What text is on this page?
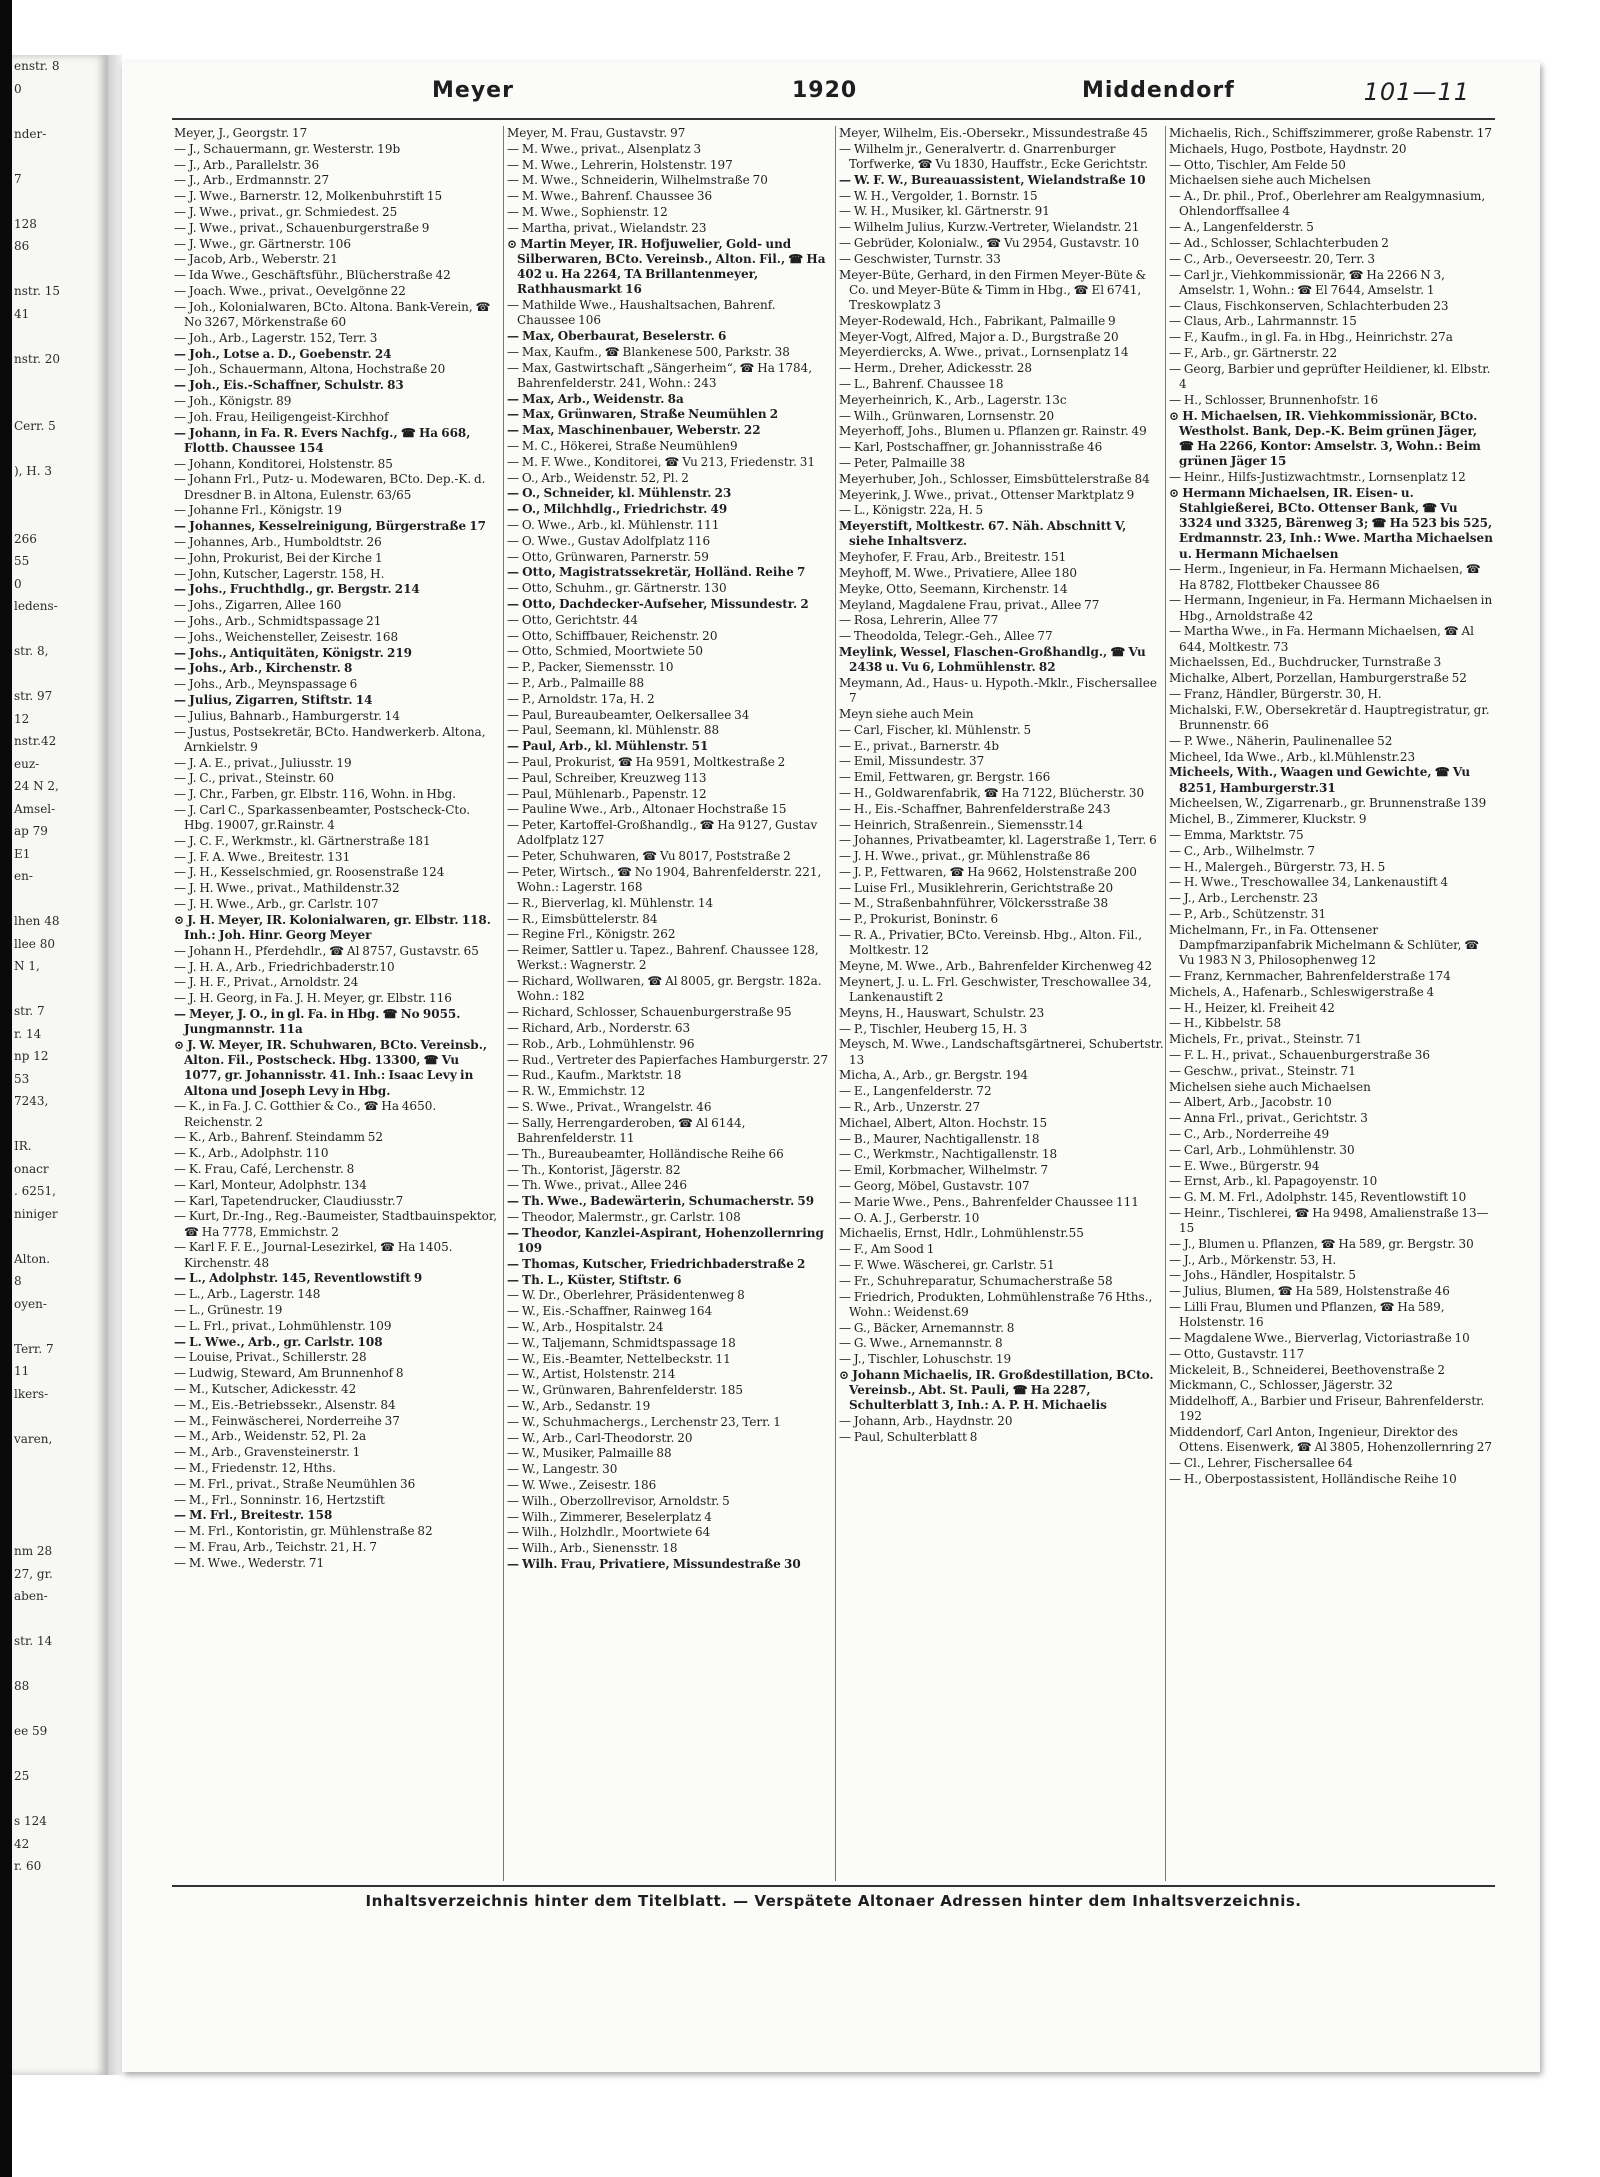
enstr. 8
0

nder-

7

128
86

nstr. 15
41

nstr. 20

Cerr. 5

), H. 3

266
55
0
ledens-

str. 8,

str. 97
12
nstr.42
euz-
24 N 2,
Amsel-
ap 79
E1
en-

lhen 48
llee 80
N 1,

str. 7
r. 14
np 12
53
7243,

IR.
onacr
. 6251,
niniger

Alton.
8
oyen-

Terr. 7
11
lkers-

varen,

nm 28
27, gr.
aben-

str. 14

88

ee 59

25

s 124
42
r. 60
Meyer	1920	Middendorf	101—11
Meyer, J., Georgstr. 17
— J., Schauermann, gr. Westerstr. 19b
— J., Arb., Parallelstr. 36
— J., Arb., Erdmannstr. 27
— J. Wwe., Barnerstr. 12, Molkenbuhrstift 15
— J. Wwe., privat., gr. Schmiedest. 25
— J. Wwe., privat., Schauenburgerstraße 9
— J. Wwe., gr. Gärtnerstr. 106
— Jacob, Arb., Weberstr. 21
— Ida Wwe., Geschäftsführ., Blücherstraße 42
— Joach. Wwe., privat., Oevelgönne 22
— Joh., Kolonialwaren, BCto. Altona. Bank-Verein, ☎ No 3267, Mörkenstraße 60
— Joh., Arb., Lagerstr. 152, Terr. 3
— Joh., Lotse a. D., Goebenstr. 24
— Joh., Schauermann, Altona, Hochstraße 20
— Joh., Eis.-Schaffner, Schulstr. 83
— Joh., Königstr. 89
— Joh. Frau, Heiligengeist-Kirchhof
— Johann, in Fa. R. Evers Nachfg., ☎ Ha 668, Flottb. Chaussee 154
— Johann, Konditorei, Holstenstr. 85
— Johann Frl., Putz- u. Modewaren, BCto. Dep.-K. d. Dresdner B. in Altona, Eulenstr. 63/65
— Johanne Frl., Königstr. 19
— Johannes, Kesselreinigung, Bürgerstraße 17
— Johannes, Arb., Humboldtstr. 26
— John, Prokurist, Bei der Kirche 1
— John, Kutscher, Lagerstr. 158, H.
— Johs., Fruchthdlg., gr. Bergstr. 214
— Johs., Zigarren, Allee 160
— Johs., Arb., Schmidtspassage 21
— Johs., Weichensteller, Zeisestr. 168
— Johs., Antiquitäten, Königstr. 219
— Johs., Arb., Kirchenstr. 8
— Johs., Arb., Meynspassage 6
— Julius, Zigarren, Stiftstr. 14
— Julius, Bahnarb., Hamburgerstr. 14
— Justus, Postsekretär, BCto. Handwerkerb. Altona, Arnkielstr. 9
— J. A. E., privat., Juliusstr. 19
— J. C., privat., Steinstr. 60
— J. Chr., Farben, gr. Elbstr. 116, Wohn. in Hbg.
— J. Carl C., Sparkassenbeamter, Postscheck-Cto. Hbg. 19007, gr.Rainstr. 4
— J. C. F., Werkmstr., kl. Gärtnerstraße 181
— J. F. A. Wwe., Breitestr. 131
— J. H., Kesselschmied, gr. Roosenstraße 124
— J. H. Wwe., privat., Mathildenstr.32
— J. H. Wwe., Arb., gr. Carlstr. 107
⊙ J. H. Meyer, IR. Kolonialwaren, gr. Elbstr. 118. Inh.: Joh. Hinr. Georg Meyer
— Johann H., Pferdehdlr., ☎ Al 8757, Gustavstr. 65
— J. H. A., Arb., Friedrichbaderstr.10
— J. H. F., Privat., Arnoldstr. 24
— J. H. Georg, in Fa. J. H. Meyer, gr. Elbstr. 116
— Meyer, J. O., in gl. Fa. in Hbg. ☎ No 9055. Jungmannstr. 11a
⊙ J. W. Meyer, IR. Schuhwaren, BCto. Vereinsb., Alton. Fil., Postscheck. Hbg. 13300, ☎ Vu 1077, gr. Johannisstr. 41. Inh.: Isaac Levy in Altona und Joseph Levy in Hbg.
— K., in Fa. J. C. Gotthier & Co., ☎ Ha 4650. Reichenstr. 2
— K., Arb., Bahrenf. Steindamm 52
— K., Arb., Adolphstr. 110
— K. Frau, Café, Lerchenstr. 8
— Karl, Monteur, Adolphstr. 134
— Karl, Tapetendrucker, Claudiusstr.7
— Kurt, Dr.-Ing., Reg.-Baumeister, Stadtbauinspektor, ☎ Ha 7778, Emmichstr. 2
— Karl F. F. E., Journal-Lesezirkel, ☎ Ha 1405. Kirchenstr. 48
— L., Adolphstr. 145, Reventlowstift 9
— L., Arb., Lagerstr. 148
— L., Grünestr. 19
— L. Frl., privat., Lohmühlenstr. 109
— L. Wwe., Arb., gr. Carlstr. 108
— Louise, Privat., Schillerstr. 28
— Ludwig, Steward, Am Brunnenhof 8
— M., Kutscher, Adickesstr. 42
— M., Eis.-Betriebssekr., Alsenstr. 84
— M., Feinwäscherei, Norderreihe 37
— M., Arb., Weidenstr. 52, Pl. 2a
— M., Arb., Gravensteinerstr. 1
— M., Friedenstr. 12, Hths.
— M. Frl., privat., Straße Neumühlen 36
— M., Frl., Sonninstr. 16, Hertzstift
— M. Frl., Breitestr. 158
— M. Frl., Kontoristin, gr. Mühlenstraße 82
— M. Frau, Arb., Teichstr. 21, H. 7
— M. Wwe., Wederstr. 71
Meyer, M. Frau, Gustavstr. 97
— M. Wwe., privat., Alsenplatz 3
— M. Wwe., Lehrerin, Holstenstr. 197
— M. Wwe., Schneiderin, Wilhelmstraße 70
— M. Wwe., Bahrenf. Chaussee 36
— M. Wwe., Sophienstr. 12
— Martha, privat., Wielandstr. 23
⊙ Martin Meyer, IR. Hofjuwelier, Gold- und Silberwaren, BCto. Vereinsb., Alton. Fil., ☎ Ha 402 u. Ha 2264, TA Brillantenmeyer, Rathhausmarkt 16
— Mathilde Wwe., Haushaltsachen, Bahrenf. Chaussee 106
— Max, Oberbaurat, Beselerstr. 6
— Max, Kaufm., ☎ Blankenese 500, Parkstr. 38
— Max, Gastwirtschaft „Sängerheim“, ☎ Ha 1784, Bahrenfelderstr. 241, Wohn.: 243
— Max, Arb., Weidenstr. 8a
— Max, Grünwaren, Straße Neumühlen 2
— Max, Maschinenbauer, Weberstr. 22
— M. C., Hökerei, Straße Neumühlen9
— M. F. Wwe., Konditorei, ☎ Vu 213, Friedenstr. 31
— O., Arb., Weidenstr. 52, Pl. 2
— O., Schneider, kl. Mühlenstr. 23
— O., Milchhdlg., Friedrichstr. 49
— O. Wwe., Arb., kl. Mühlenstr. 111
— O. Wwe., Gustav Adolfplatz 116
— Otto, Grünwaren, Parnerstr. 59
— Otto, Magistratssekretär, Holländ. Reihe 7
— Otto, Schuhm., gr. Gärtnerstr. 130
— Otto, Dachdecker-Aufseher, Missundestr. 2
— Otto, Gerichtstr. 44
— Otto, Schiffbauer, Reichenstr. 20
— Otto, Schmied, Moortwiete 50
— P., Packer, Siemensstr. 10
— P., Arb., Palmaille 88
— P., Arnoldstr. 17a, H. 2
— Paul, Bureaubeamter, Oelkersallee 34
— Paul, Seemann, kl. Mühlenstr. 88
— Paul, Arb., kl. Mühlenstr. 51
— Paul, Prokurist, ☎ Ha 9591, Moltkestraße 2
— Paul, Schreiber, Kreuzweg 113
— Paul, Mühlenarb., Papenstr. 12
— Pauline Wwe., Arb., Altonaer Hochstraße 15
— Peter, Kartoffel-Großhandlg., ☎ Ha 9127, Gustav Adolfplatz 127
— Peter, Schuhwaren, ☎ Vu 8017, Poststraße 2
— Peter, Wirtsch., ☎ No 1904, Bahrenfelderstr. 221, Wohn.: Lagerstr. 168
— R., Bierverlag, kl. Mühlenstr. 14
— R., Eimsbüttelerstr. 84
— Regine Frl., Königstr. 262
— Reimer, Sattler u. Tapez., Bahrenf. Chaussee 128, Werkst.: Wagnerstr. 2
— Richard, Wollwaren, ☎ Al 8005, gr. Bergstr. 182a. Wohn.: 182
— Richard, Schlosser, Schauenburgerstraße 95
— Richard, Arb., Norderstr. 63
— Rob., Arb., Lohmühlenstr. 96
— Rud., Vertreter des Papierfaches Hamburgerstr. 27
— Rud., Kaufm., Marktstr. 18
— R. W., Emmichstr. 12
— S. Wwe., Privat., Wrangelstr. 46
— Sally, Herrengarderoben, ☎ Al 6144, Bahrenfelderstr. 11
— Th., Bureaubeamter, Holländische Reihe 66
— Th., Kontorist, Jägerstr. 82
— Th. Wwe., privat., Allee 246
— Th. Wwe., Badewärterin, Schumacherstr. 59
— Theodor, Malermstr., gr. Carlstr. 108
— Theodor, Kanzlei-Aspirant, Hohenzollernring 109
— Thomas, Kutscher, Friedrichbaderstraße 2
— Th. L., Küster, Stiftstr. 6
— W. Dr., Oberlehrer, Präsidentenweg 8
— W., Eis.-Schaffner, Rainweg 164
— W., Arb., Hospitalstr. 24
— W., Taljemann, Schmidtspassage 18
— W., Eis.-Beamter, Nettelbeckstr. 11
— W., Artist, Holstenstr. 214
— W., Grünwaren, Bahrenfelderstr. 185
— W., Arb., Sedanstr. 19
— W., Schuhmachergs., Lerchenstr 23, Terr. 1
— W., Arb., Carl-Theodorstr. 20
— W., Musiker, Palmaille 88
— W., Langestr. 30
— W. Wwe., Zeisestr. 186
— Wilh., Oberzollrevisor, Arnoldstr. 5
— Wilh., Zimmerer, Beselerplatz 4
— Wilh., Holzhdlr., Moortwiete 64
— Wilh., Arb., Sienensstr. 18
— Wilh. Frau, Privatiere, Missundestraße 30
Meyer, Wilhelm, Eis.-Obersekr., Missundestraße 45
— Wilhelm jr., Generalvertr. d. Gnarrenburger Torfwerke, ☎ Vu 1830, Hauffstr., Ecke Gerichtstr.
— W. F. W., Bureauassistent, Wielandstraße 10
— W. H., Vergolder, 1. Bornstr. 15
— W. H., Musiker, kl. Gärtnerstr. 91
— Wilhelm Julius, Kurzw.-Vertreter, Wielandstr. 21
— Gebrüder, Kolonialw., ☎ Vu 2954, Gustavstr. 10
— Geschwister, Turnstr. 33
Meyer-Büte, Gerhard, in den Firmen Meyer-Büte & Co. und Meyer-Büte & Timm in Hbg., ☎ El 6741, Treskowplatz 3
Meyer-Rodewald, Hch., Fabrikant, Palmaille 9
Meyer-Vogt, Alfred, Major a. D., Burgstraße 20
Meyerdiercks, A. Wwe., privat., Lornsenplatz 14
— Herm., Dreher, Adickesstr. 28
— L., Bahrenf. Chaussee 18
Meyerheinrich, K., Arb., Lagerstr. 13c
— Wilh., Grünwaren, Lornsenstr. 20
Meyerhoff, Johs., Blumen u. Pflanzen gr. Rainstr. 49
— Karl, Postschaffner, gr. Johannisstraße 46
— Peter, Palmaille 38
Meyerhuber, Joh., Schlosser, Eimsbüttelerstraße 84
Meyerink, J. Wwe., privat., Ottenser Marktplatz 9
— L., Königstr. 22a, H. 5
Meyerstift, Moltkestr. 67. Näh. Abschnitt V, siehe Inhaltsverz.
Meyhofer, F. Frau, Arb., Breitestr. 151
Meyhoff, M. Wwe., Privatiere, Allee 180
Meyke, Otto, Seemann, Kirchenstr. 14
Meyland, Magdalene Frau, privat., Allee 77
— Rosa, Lehrerin, Allee 77
— Theodolda, Telegr.-Geh., Allee 77
Meylink, Wessel, Flaschen-Großhandlg., ☎ Vu 2438 u. Vu 6, Lohmühlenstr. 82
Meymann, Ad., Haus- u. Hypoth.-Mklr., Fischersallee 7
Meyn siehe auch Mein
— Carl, Fischer, kl. Mühlenstr. 5
— E., privat., Barnerstr. 4b
— Emil, Missundestr. 37
— Emil, Fettwaren, gr. Bergstr. 166
— H., Goldwarenfabrik, ☎ Ha 7122, Blücherstr. 30
— H., Eis.-Schaffner, Bahrenfelderstraße 243
— Heinrich, Straßenrein., Siemensstr.14
— Johannes, Privatbeamter, kl. Lagerstraße 1, Terr. 6
— J. H. Wwe., privat., gr. Mühlenstraße 86
— J. P., Fettwaren, ☎ Ha 9662, Holstenstraße 200
— Luise Frl., Musiklehrerin, Gerichtstraße 20
— M., Straßenbahnführer, Völckersstraße 38
— P., Prokurist, Boninstr. 6
— R. A., Privatier, BCto. Vereinsb. Hbg., Alton. Fil., Moltkestr. 12
Meyne, M. Wwe., Arb., Bahrenfelder Kirchenweg 42
Meynert, J. u. L. Frl. Geschwister, Treschowallee 34, Lankenaustift 2
Meyns, H., Hauswart, Schulstr. 23
— P., Tischler, Heuberg 15, H. 3
Meysch, M. Wwe., Landschaftsgärtnerei, Schubertstr. 13
Micha, A., Arb., gr. Bergstr. 194
— E., Langenfelderstr. 72
— R., Arb., Unzerstr. 27
Michael, Albert, Alton. Hochstr. 15
— B., Maurer, Nachtigallenstr. 18
— C., Werkmstr., Nachtigallenstr. 18
— Emil, Korbmacher, Wilhelmstr. 7
— Georg, Möbel, Gustavstr. 107
— Marie Wwe., Pens., Bahrenfelder Chaussee 111
— O. A. J., Gerberstr. 10
Michaelis, Ernst, Hdlr., Lohmühlenstr.55
— F., Am Sood 1
— F. Wwe. Wäscherei, gr. Carlstr. 51
— Fr., Schuhreparatur, Schumacherstraße 58
— Friedrich, Produkten, Lohmühlenstraße 76 Hths., Wohn.: Weidenst.69
— G., Bäcker, Arnemannstr. 8
— G. Wwe., Arnemannstr. 8
— J., Tischler, Lohuschstr. 19
⊙ Johann Michaelis, IR. Großdestillation, BCto. Vereinsb., Abt. St. Pauli, ☎ Ha 2287, Schulterblatt 3, Inh.: A. P. H. Michaelis
— Johann, Arb., Haydnstr. 20
— Paul, Schulterblatt 8
Michaelis, Rich., Schiffszimmerer, große Rabenstr. 17
Michaels, Hugo, Postbote, Haydnstr. 20
— Otto, Tischler, Am Felde 50
Michaelsen siehe auch Michelsen
— A., Dr. phil., Prof., Oberlehrer am Realgymnasium, Ohlendorffsallee 4
— A., Langenfelderstr. 5
— Ad., Schlosser, Schlachterbuden 2
— C., Arb., Oeverseestr. 20, Terr. 3
— Carl jr., Viehkommissionär, ☎ Ha 2266 N 3, Amselstr. 1, Wohn.: ☎ El 7644, Amselstr. 1
— Claus, Fischkonserven, Schlachterbuden 23
— Claus, Arb., Lahrmannstr. 15
— F., Kaufm., in gl. Fa. in Hbg., Heinrichstr. 27a
— F., Arb., gr. Gärtnerstr. 22
— Georg, Barbier und geprüfter Heildiener, kl. Elbstr. 4
— H., Schlosser, Brunnenhofstr. 16
⊙ H. Michaelsen, IR. Viehkommissionär, BCto. Westholst. Bank, Dep.-K. Beim grünen Jäger, ☎ Ha 2266, Kontor: Amselstr. 3, Wohn.: Beim grünen Jäger 15
— Heinr., Hilfs-Justizwachtmstr., Lornsenplatz 12
⊙ Hermann Michaelsen, IR. Eisen- u. Stahlgießerei, BCto. Ottenser Bank, ☎ Vu 3324 und 3325, Bärenweg 3; ☎ Ha 523 bis 525, Erdmannstr. 23, Inh.: Wwe. Martha Michaelsen u. Hermann Michaelsen
— Herm., Ingenieur, in Fa. Hermann Michaelsen, ☎ Ha 8782, Flottbeker Chaussee 86
— Hermann, Ingenieur, in Fa. Hermann Michaelsen in Hbg., Arnoldstraße 42
— Martha Wwe., in Fa. Hermann Michaelsen, ☎ Al 644, Moltkestr. 73
Michaelssen, Ed., Buchdrucker, Turnstraße 3
Michalke, Albert, Porzellan, Hamburgerstraße 52
— Franz, Händler, Bürgerstr. 30, H.
Michalski, F.W., Obersekretär d. Hauptregistratur, gr. Brunnenstr. 66
— P. Wwe., Näherin, Paulinenallee 52
Micheel, Ida Wwe., Arb., kl.Mühlenstr.23
Micheels, With., Waagen und Gewichte, ☎ Vu 8251, Hamburgerstr.31
Micheelsen, W., Zigarrenarb., gr. Brunnenstraße 139
Michel, B., Zimmerer, Kluckstr. 9
— Emma, Marktstr. 75
— C., Arb., Wilhelmstr. 7
— H., Malergeh., Bürgerstr. 73, H. 5
— H. Wwe., Treschowallee 34, Lankenaustift 4
— J., Arb., Lerchenstr. 23
— P., Arb., Schützenstr. 31
Michelmann, Fr., in Fa. Ottensener Dampfmarzipanfabrik Michelmann & Schlüter, ☎ Vu 1983 N 3, Philosophenweg 12
— Franz, Kernmacher, Bahrenfelderstraße 174
Michels, A., Hafenarb., Schleswigerstraße 4
— H., Heizer, kl. Freiheit 42
— H., Kibbelstr. 58
Michels, Fr., privat., Steinstr. 71
— F. L. H., privat., Schauenburgerstraße 36
— Geschw., privat., Steinstr. 71
Michelsen siehe auch Michaelsen
— Albert, Arb., Jacobstr. 10
— Anna Frl., privat., Gerichtstr. 3
— C., Arb., Norderreihe 49
— Carl, Arb., Lohmühlenstr. 30
— E. Wwe., Bürgerstr. 94
— Ernst, Arb., kl. Papagoyenstr. 10
— G. M. M. Frl., Adolphstr. 145, Reventlowstift 10
— Heinr., Tischlerei, ☎ Ha 9498, Amalienstraße 13—15
— J., Blumen u. Pflanzen, ☎ Ha 589, gr. Bergstr. 30
— J., Arb., Mörkenstr. 53, H.
— Johs., Händler, Hospitalstr. 5
— Julius, Blumen, ☎ Ha 589, Holstenstraße 46
— Lilli Frau, Blumen und Pflanzen, ☎ Ha 589, Holstenstr. 16
— Magdalene Wwe., Bierverlag, Victoriastraße 10
— Otto, Gustavstr. 117
Mickeleit, B., Schneiderei, Beethovenstraße 2
Mickmann, C., Schlosser, Jägerstr. 32
Middelhoff, A., Barbier und Friseur, Bahrenfelderstr. 192
Middendorf, Carl Anton, Ingenieur, Direktor des Ottens. Eisenwerk, ☎ Al 3805, Hohenzollernring 27
— Cl., Lehrer, Fischersallee 64
— H., Oberpostassistent, Holländische Reihe 10
Inhaltsverzeichnis hinter dem Titelblatt. — Verspätete Altonaer Adressen hinter dem Inhaltsverzeichnis.
